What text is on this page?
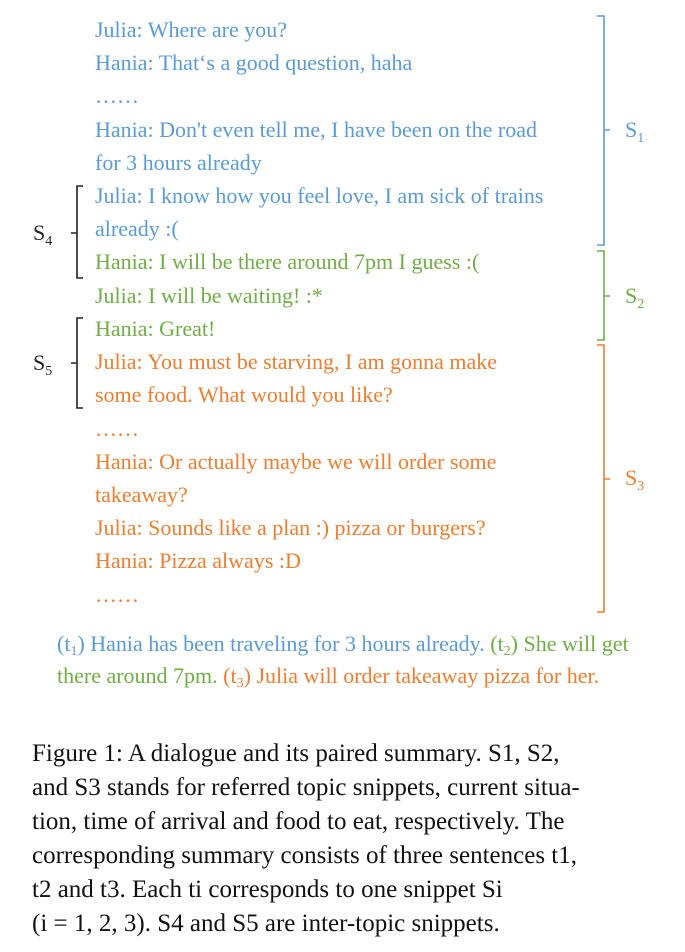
Julia: Where are you?
Hania: That‘s a good question, haha
……
Hania: Don't even tell me, I have been on the road
for 3 hours already
Julia: I know how you feel love, I am sick of trains
already :(
Hania: I will be there around 7pm I guess :(
Julia: I will be waiting! :*
Hania: Great!
Julia: You must be starving, I am gonna make
some food. What would you like?
……
Hania: Or actually maybe we will order some
takeaway?
Julia: Sounds like a plan :) pizza or burgers?
Hania: Pizza always :D
……
$S_1$
$S_2$
$S_3$
$S_4$
$S_5$
$(t_1)$ Hania has been traveling for 3 hours already. $(t_2)$ She will get there around 7pm. $(t_3)$ Julia will order takeaway pizza for her.

Figure 1: A dialogue and its paired summary. S1, S2,

and S3 stands for referred topic snippets, current situa-

tion, time of arrival and food to eat, respectively. The

corresponding summary consists of three sentences t1,

t2 and t3. Each ti corresponds to one snippet Si

(i = 1, 2, 3). S4 and S5 are inter-topic snippets.
